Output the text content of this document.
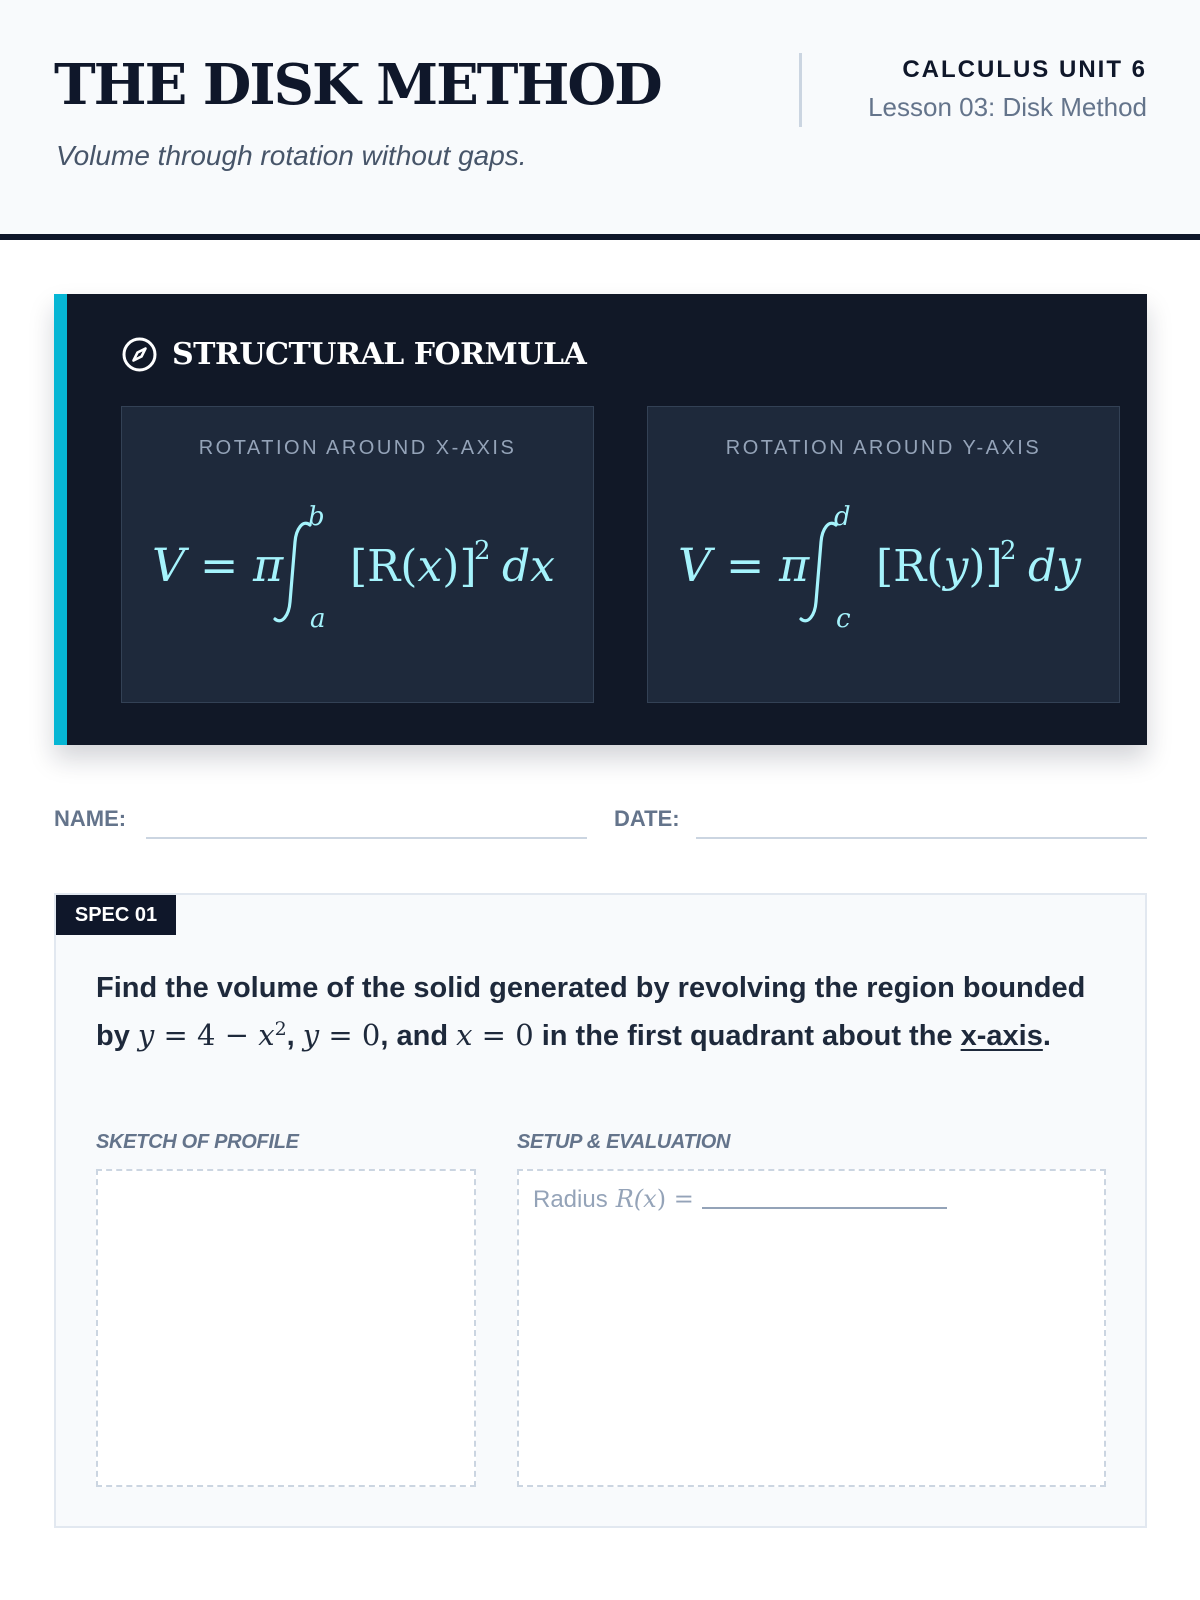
THE DISK METHOD
Volume through rotation without gaps.
CALCULUS UNIT 6
Lesson 03: Disk Method
STRUCTURAL FORMULA
ROTATION AROUND X-AXIS
V = π
b
a
[R(x)]
2 dx
ROTATION AROUND Y-AXIS
V = π
d
c
[R(y)]
2 dy
NAME:	DATE:
SPEC 01
Find the volume of the solid generated by revolving the region bounded by $y = 4 - x^2$, y = 0, and x = 0 in the first quadrant about the x-axis.
SKETCH OF PROFILE	SETUP & EVALUATION
Radius R(x) =
